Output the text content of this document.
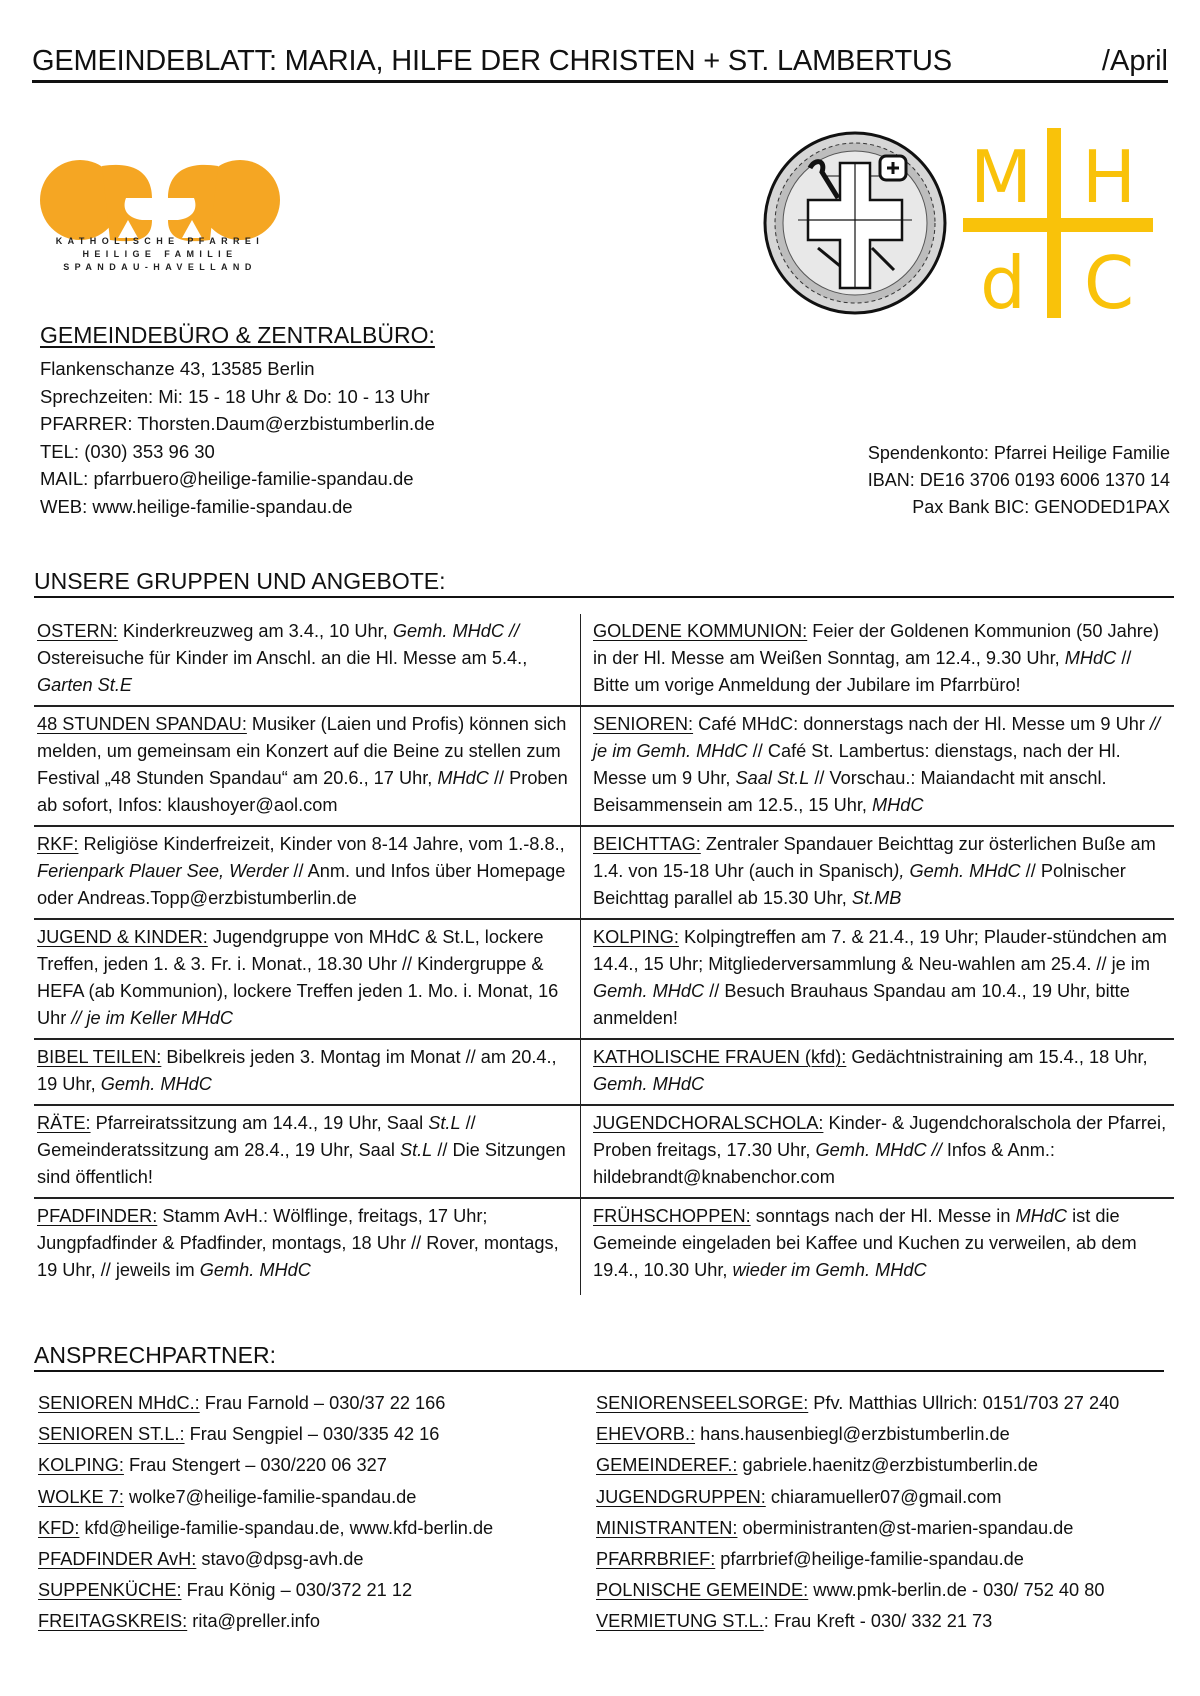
GEMEINDEBLATT: MARIA, HILFE DER CHRISTEN + ST. LAMBERTUS	/April
KATHOLISCHE PFARREI
HEILIGE FAMILIE
SPANDAU-HAVELLAND
M H
d C
GEMEINDEBÜRO & ZENTRALBÜRO:
Flankenschanze 43, 13585 Berlin
Sprechzeiten: Mi: 15 - 18 Uhr & Do: 10 - 13 Uhr
PFARRER: Thorsten.Daum@erzbistumberlin.de
TEL: (030) 353 96 30
MAIL: pfarrbuero@heilige-familie-spandau.de
WEB: www.heilige-familie-spandau.de
Spendenkonto: Pfarrei Heilige Familie
IBAN: DE16 3706 0193 6006 1370 14
Pax Bank BIC: GENODED1PAX
UNSERE GRUPPEN UND ANGEBOTE:
OSTERN: Kinderkreuzweg am 3.4., 10 Uhr, Gemh. MHdC // Ostereisuche für Kinder im Anschl. an die Hl. Messe am 5.4., Garten St.E
GOLDENE KOMMUNION: Feier der Goldenen Kommunion (50 Jahre) in der Hl. Messe am Weißen Sonntag, am 12.4., 9.30 Uhr, MHdC // Bitte um vorige Anmeldung der Jubilare im Pfarrbüro!
48 STUNDEN SPANDAU: Musiker (Laien und Profis) können sich melden, um gemeinsam ein Konzert auf die Beine zu stellen zum Festival „48 Stunden Spandau“ am 20.6., 17 Uhr, MHdC // Proben ab sofort, Infos: klaushoyer@aol.com
SENIOREN: Café MHdC: donnerstags nach der Hl. Messe um 9 Uhr // je im Gemh. MHdC // Café St. Lambertus: dienstags, nach der Hl. Messe um 9 Uhr, Saal St.L // Vorschau.: Maiandacht mit anschl. Beisammensein am 12.5., 15 Uhr, MHdC
RKF: Religiöse Kinderfreizeit, Kinder von 8-14 Jahre, vom 1.-8.8., Ferienpark Plauer See, Werder // Anm. und Infos über Homepage oder Andreas.Topp@erzbistumberlin.de
BEICHTTAG: Zentraler Spandauer Beichttag zur österlichen Buße am 1.4. von 15-18 Uhr (auch in Spanisch), Gemh. MHdC // Polnischer Beichttag parallel ab 15.30 Uhr, St.MB
JUGEND & KINDER: Jugendgruppe von MHdC & St.L, lockere Treffen, jeden 1. & 3. Fr. i. Monat., 18.30 Uhr // Kindergruppe & HEFA (ab Kommunion), lockere Treffen jeden 1. Mo. i. Monat, 16 Uhr // je im Keller MHdC
KOLPING: Kolpingtreffen am 7. & 21.4., 19 Uhr; Plauder-stündchen am 14.4., 15 Uhr; Mitgliederversammlung & Neu-wahlen am 25.4. // je im Gemh. MHdC // Besuch Brauhaus Spandau am 10.4., 19 Uhr, bitte anmelden!
BIBEL TEILEN: Bibelkreis jeden 3. Montag im Monat // am 20.4., 19 Uhr, Gemh. MHdC
KATHOLISCHE FRAUEN (kfd): Gedächtnistraining am 15.4., 18 Uhr, Gemh. MHdC
RÄTE: Pfarreiratssitzung am 14.4., 19 Uhr, Saal St.L // Gemeinderatssitzung am 28.4., 19 Uhr, Saal St.L // Die Sitzungen sind öffentlich!
JUGENDCHORALSCHOLA: Kinder- & Jugendchoralschola der Pfarrei, Proben freitags, 17.30 Uhr, Gemh. MHdC // Infos & Anm.: hildebrandt@knabenchor.com
PFADFINDER: Stamm AvH.: Wölflinge, freitags, 17 Uhr; Jungpfadfinder & Pfadfinder, montags, 18 Uhr // Rover, montags, 19 Uhr, // jeweils im Gemh. MHdC
FRÜHSCHOPPEN: sonntags nach der Hl. Messe in MHdC ist die Gemeinde eingeladen bei Kaffee und Kuchen zu verweilen, ab dem 19.4., 10.30 Uhr, wieder im Gemh. MHdC
ANSPRECHPARTNER:
SENIOREN MHdC.: Frau Farnold – 030/37 22 166
SENIOREN ST.L.: Frau Sengpiel – 030/335 42 16
KOLPING: Frau Stengert – 030/220 06 327
WOLKE 7: wolke7@heilige-familie-spandau.de
KFD: kfd@heilige-familie-spandau.de, www.kfd-berlin.de
PFADFINDER AvH: stavo@dpsg-avh.de
SUPPENKÜCHE: Frau König – 030/372 21 12
FREITAGSKREIS: rita@preller.info
SENIORENSEELSORGE: Pfv. Matthias Ullrich: 0151/703 27 240
EHEVORB.: hans.hausenbiegl@erzbistumberlin.de
GEMEINDEREF.: gabriele.haenitz@erzbistumberlin.de
JUGENDGRUPPEN: chiaramueller07@gmail.com
MINISTRANTEN: oberministranten@st-marien-spandau.de
PFARRBRIEF: pfarrbrief@heilige-familie-spandau.de
POLNISCHE GEMEINDE: www.pmk-berlin.de - 030/ 752 40 80
VERMIETUNG ST.L.: Frau Kreft - 030/ 332 21 73
